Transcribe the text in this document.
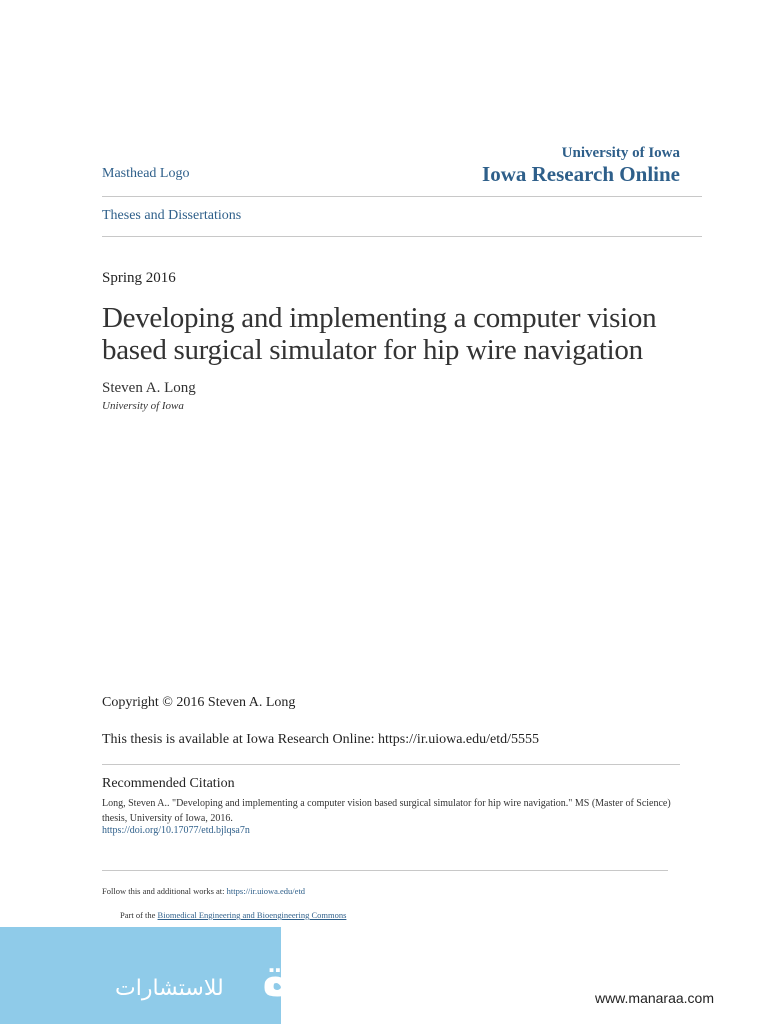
Masthead Logo
University of Iowa
Iowa Research Online
Theses and Dissertations
Spring 2016
Developing and implementing a computer vision based surgical simulator for hip wire navigation
Steven A. Long
University of Iowa
Copyright © 2016 Steven A. Long
This thesis is available at Iowa Research Online: https://ir.uiowa.edu/etd/5555
Recommended Citation
Long, Steven A.. "Developing and implementing a computer vision based surgical simulator for hip wire navigation." MS (Master of Science) thesis, University of Iowa, 2016.
https://doi.org/10.17077/etd.bjlqsa7n
Follow this and additional works at: https://ir.uiowa.edu/etd
Part of the Biomedical Engineering and Bioengineering Commons
المنارة
للاستشارات	www.manaraa.com
